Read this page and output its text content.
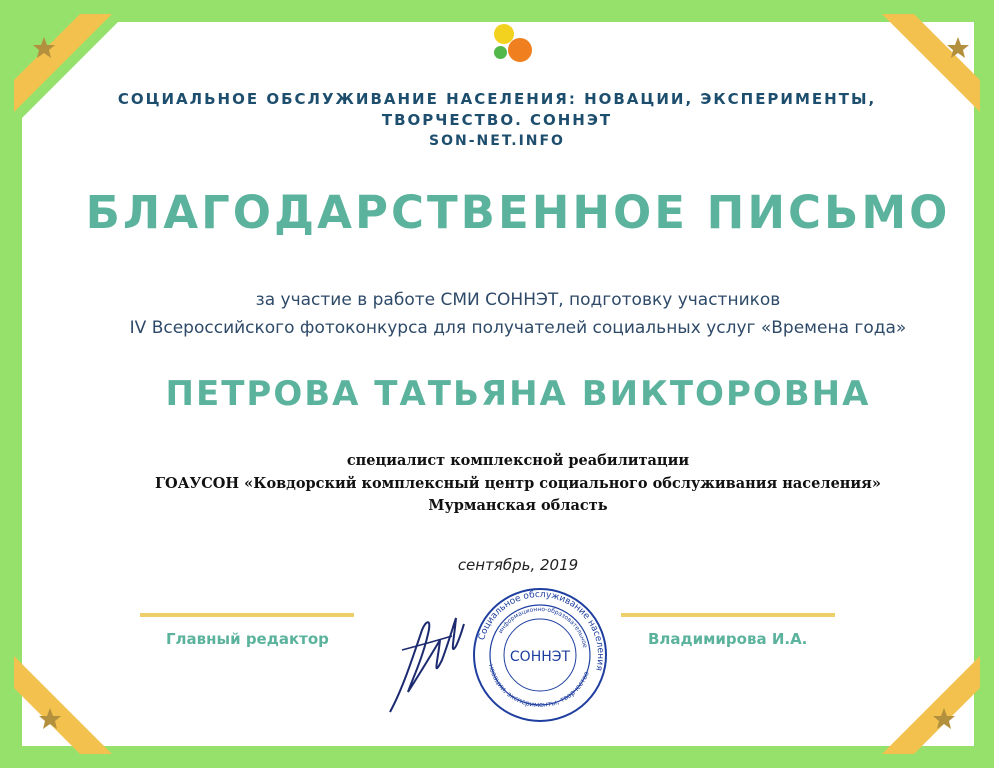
СОЦИАЛЬНОЕ ОБСЛУЖИВАНИЕ НАСЕЛЕНИЯ: НОВАЦИИ, ЭКСПЕРИМЕНТЫ,
ТВОРЧЕСТВО. СОННЭТ
SON-NET.INFO
БЛАГОДАРСТВЕННОЕ ПИСЬМО
за участие в работе СМИ СОННЭТ, подготовку участников
IV Всероссийского фотоконкурса для получателей социальных услуг «Времена года»
ПЕТРОВА ТАТЬЯНА ВИКТОРОВНА
специалист комплексной реабилитации
ГОАУСОН «Ковдорский комплексный центр социального обслуживания населения»
Мурманская область
сентябрь, 2019
Главный редактор	Владимирова И.А.
Социальное обслуживание населения
информационно-образовательное
новации, эксперименты, творчество
СОННЭТ
